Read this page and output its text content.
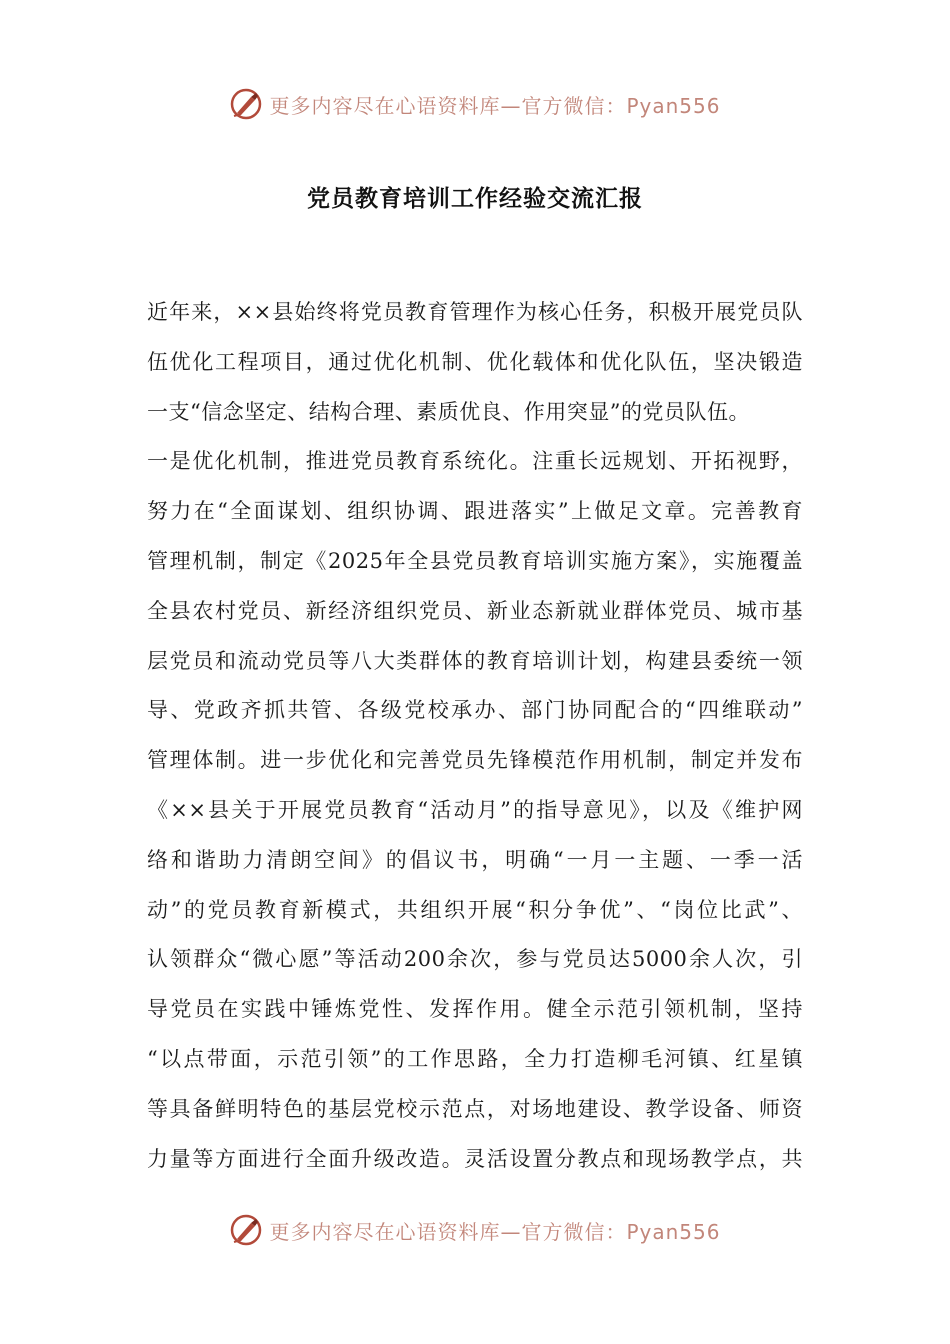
更多内容尽在心语资料库—官方微信：Pyan556
党员教育培训工作经验交流汇报
近年来，××县始终将党员教育管理作为核心任务，积极开展党员队
伍优化工程项目，通过优化机制、优化载体和优化队伍，坚决锻造
一支“信念坚定、结构合理、素质优良、作用突显”的党员队伍。
一是优化机制，推进党员教育系统化。注重长远规划、开拓视野，
努力在“全面谋划、组织协调、跟进落实”上做足文章。完善教育
管理机制，制定《2025年全县党员教育培训实施方案》，实施覆盖
全县农村党员、新经济组织党员、新业态新就业群体党员、城市基
层党员和流动党员等八大类群体的教育培训计划，构建县委统一领
导、党政齐抓共管、各级党校承办、部门协同配合的“四维联动”
管理体制。进一步优化和完善党员先锋模范作用机制，制定并发布
《××县关于开展党员教育“活动月”的指导意见》，以及《维护网
络和谐助力清朗空间》的倡议书，明确“一月一主题、一季一活
动”的党员教育新模式，共组织开展“积分争优”、“岗位比武”、
认领群众“微心愿”等活动200余次，参与党员达5000余人次，引
导党员在实践中锤炼党性、发挥作用。健全示范引领机制，坚持
“以点带面，示范引领”的工作思路，全力打造柳毛河镇、红星镇
等具备鲜明特色的基层党校示范点，对场地建设、教学设备、师资
力量等方面进行全面升级改造。灵活设置分教点和现场教学点，共
更多内容尽在心语资料库—官方微信：Pyan556
